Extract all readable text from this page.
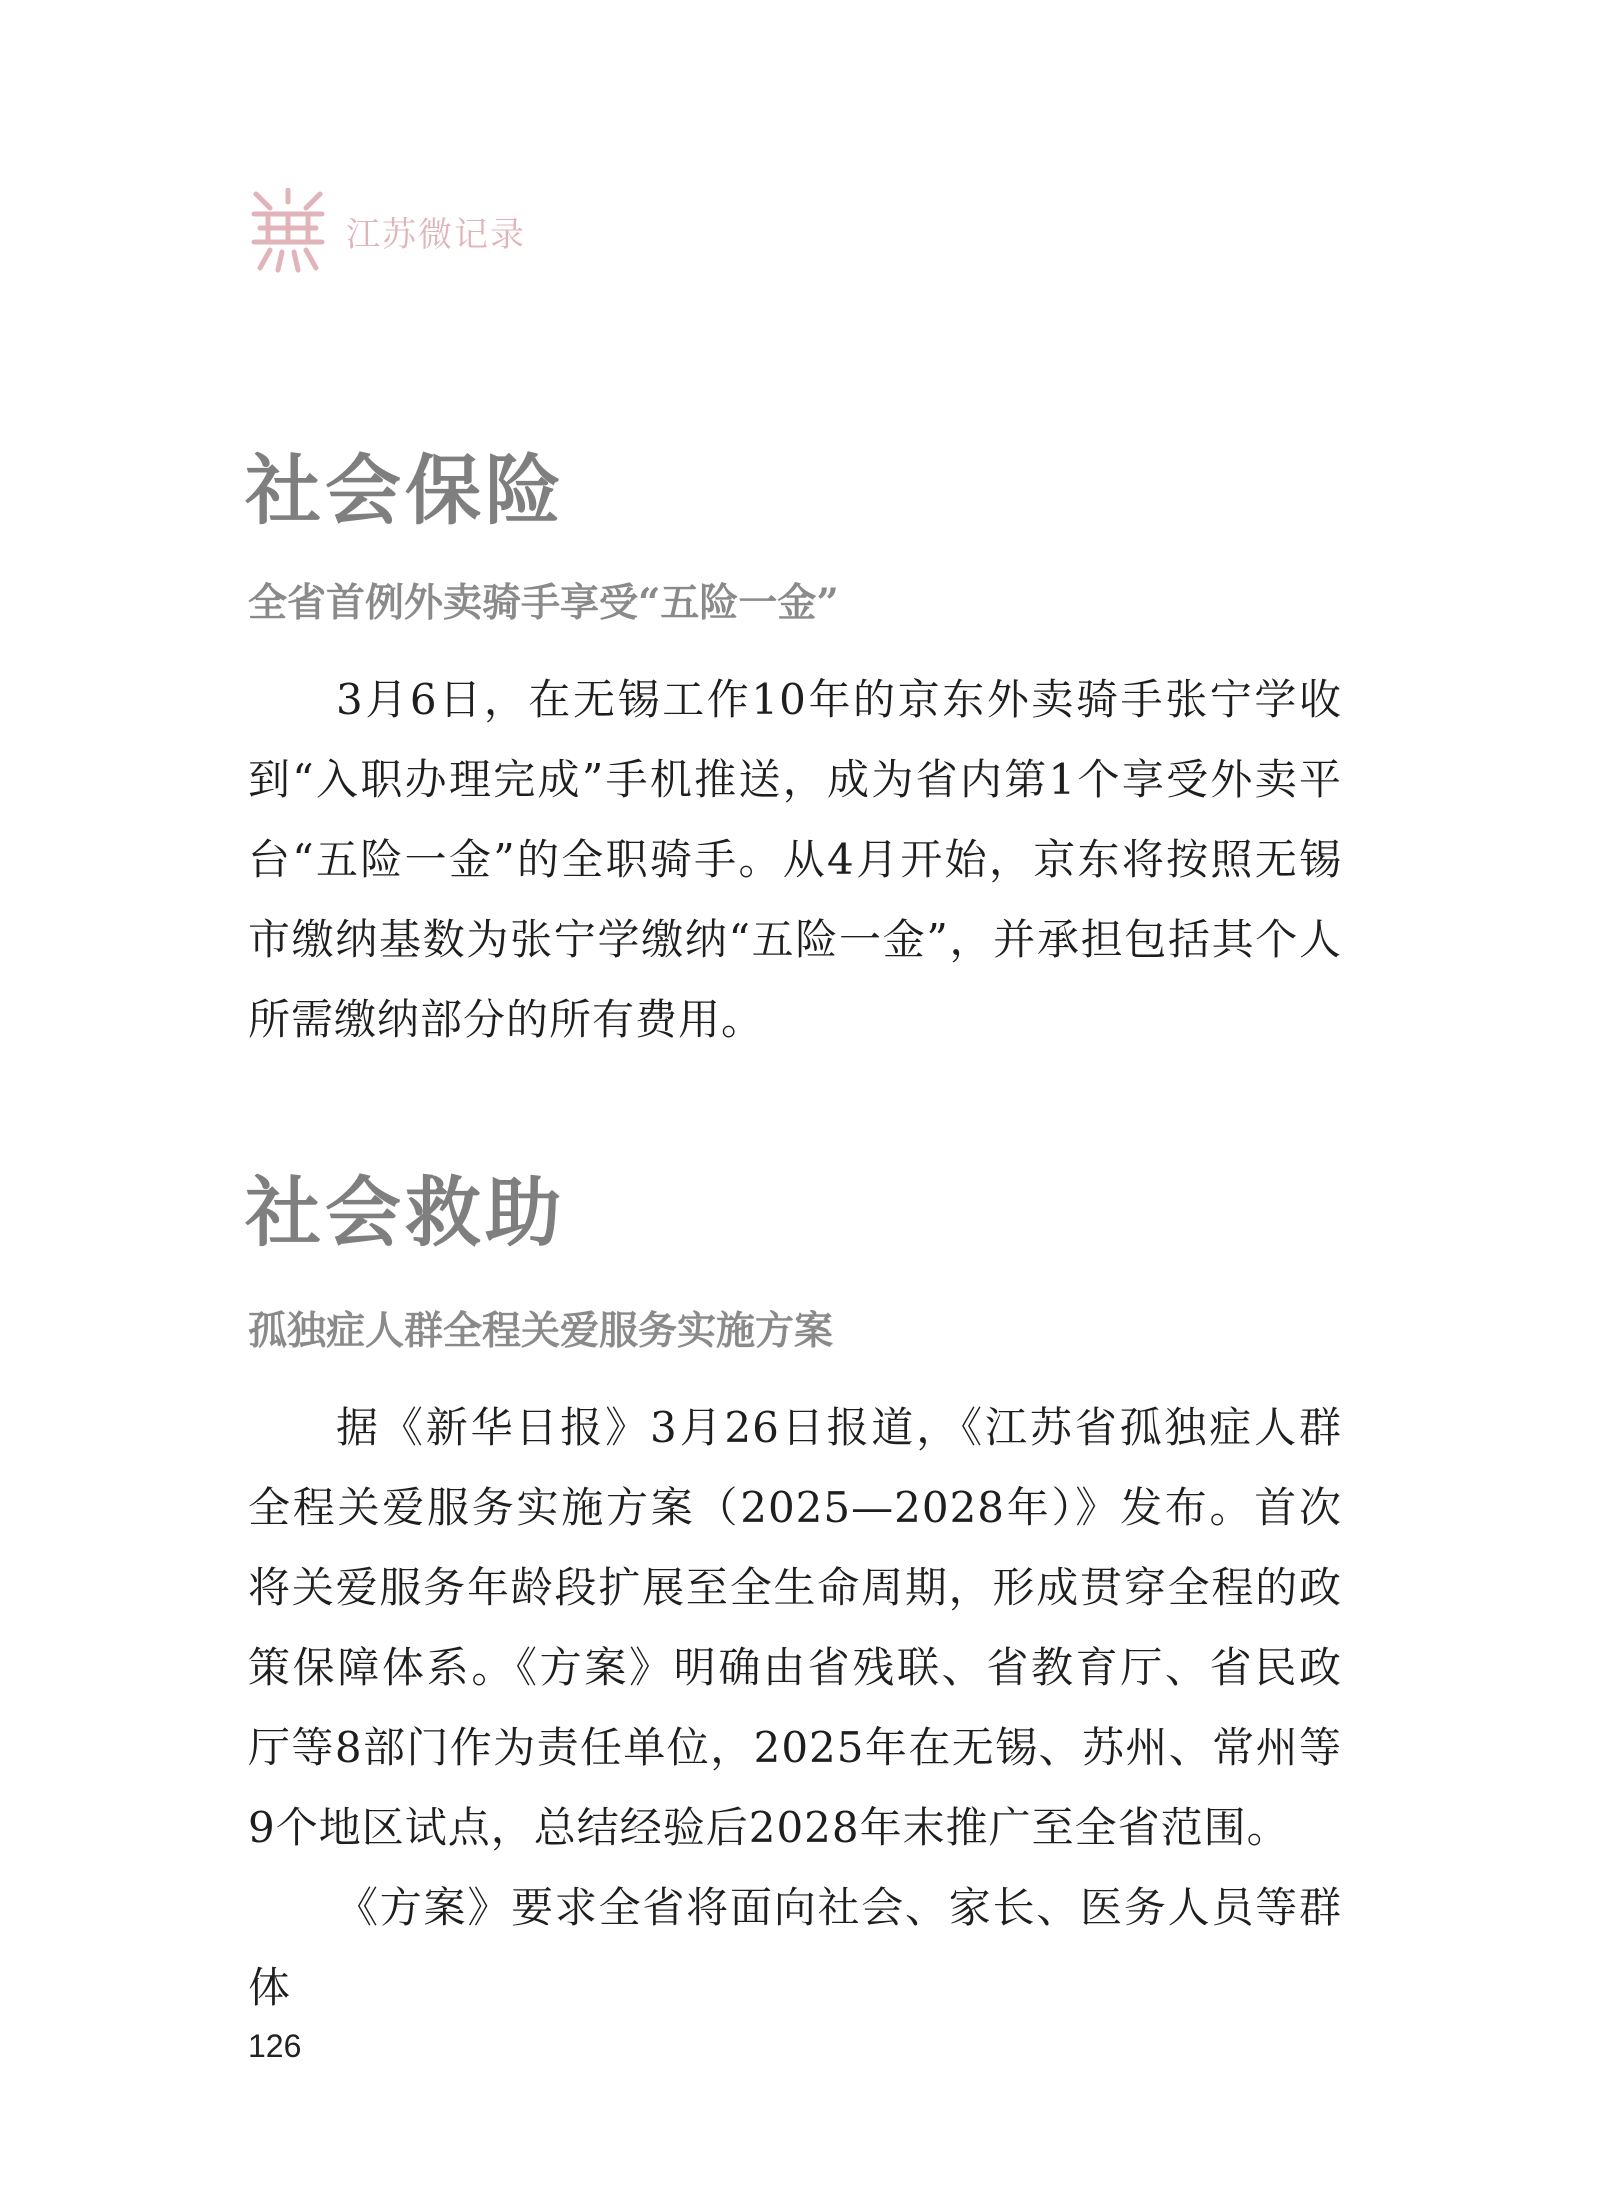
江苏微记录
社会保险
全省首例外卖骑手享受“五险一金”

3月6日，在无锡工作10年的京东外卖骑手张宁学收到“入职办理完成”手机推送，成为省内第1个享受外卖平台“五险一金”的全职骑手。从4月开始，京东将按照无锡市缴纳基数为张宁学缴纳“五险一金”，并承担包括其个人所需缴纳部分的所有费用。

社会救助
孤独症人群全程关爱服务实施方案

据《新华日报》3月26日报道，《江苏省孤独症人群全程关爱服务实施方案（2025—2028年）》发布。首次将关爱服务年龄段扩展至全生命周期，形成贯穿全程的政策保障体系。《方案》明确由省残联、省教育厅、省民政厅等8部门作为责任单位，2025年在无锡、苏州、常州等9个地区试点，总结经验后2028年末推广至全省范围。

《方案》要求全省将面向社会、家长、医务人员等群体

126
